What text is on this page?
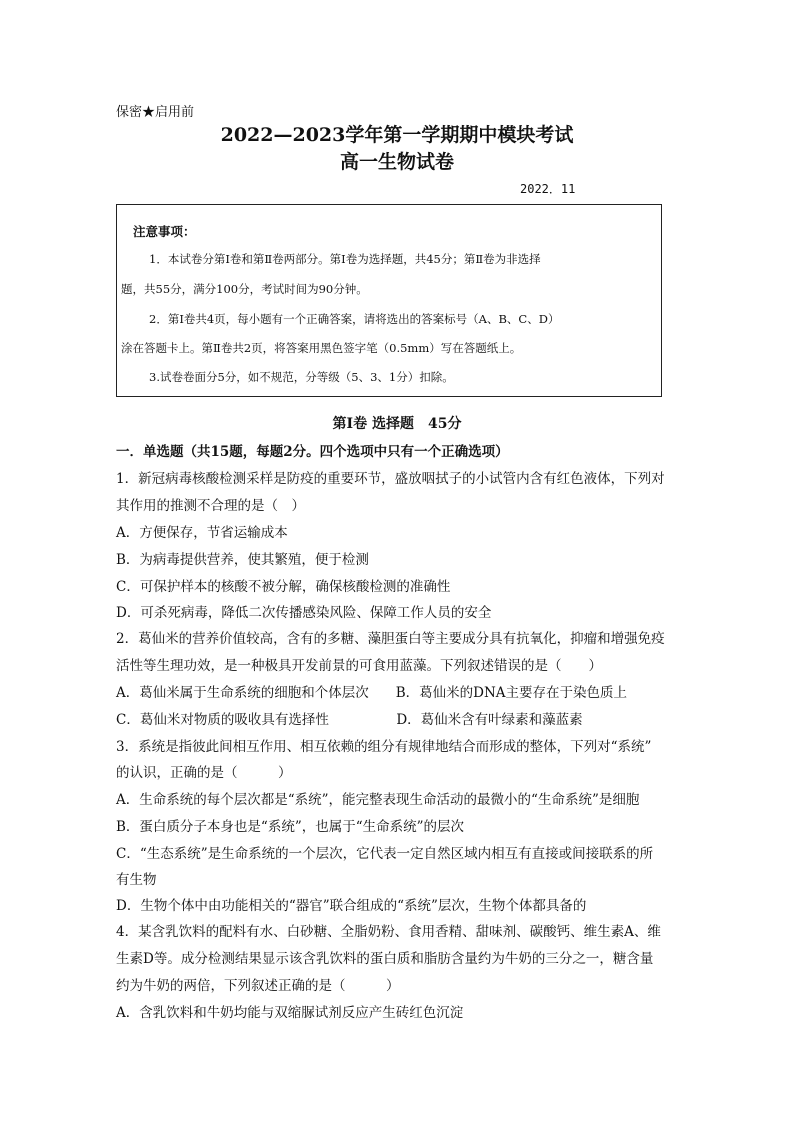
保密★启用前
2022—2023学年第一学期期中模块考试
高一生物试卷
2022．11
注意事项：
1．本试卷分第Ⅰ卷和第Ⅱ卷两部分。第Ⅰ卷为选择题，共45分；第Ⅱ卷为非选择
题，共55分，满分100分，考试时间为90分钟。
2．第Ⅰ卷共4页，每小题有一个正确答案，请将选出的答案标号（A、B、C、D）
涂在答题卡上。第Ⅱ卷共2页，将答案用黑色签字笔（0.5mm）写在答题纸上。
3.试卷卷面分5分，如不规范，分等级（5、3、1分）扣除。
第Ⅰ卷 选择题　45分
一．单选题（共15题，每题2分。四个选项中只有一个正确选项）
1．新冠病毒核酸检测采样是防疫的重要环节，盛放咽拭子的小试管内含有红色液体，下列对
其作用的推测不合理的是（　）
A．方便保存，节省运输成本
B．为病毒提供营养，使其繁殖，便于检测
C．可保护样本的核酸不被分解，确保核酸检测的准确性
D．可杀死病毒，降低二次传播感染风险、保障工作人员的安全
2．葛仙米的营养价值较高，含有的多糖、藻胆蛋白等主要成分具有抗氧化，抑瘤和增强免疫
活性等生理功效，是一种极具开发前景的可食用蓝藻。下列叙述错误的是（　　）
A．葛仙米属于生命系统的细胞和个体层次　　B．葛仙米的DNA主要存在于染色质上
C．葛仙米对物质的吸收具有选择性　　　　　D．葛仙米含有叶绿素和藻蓝素
3．系统是指彼此间相互作用、相互依赖的组分有规律地结合而形成的整体，下列对“系统”
的认识，正确的是（　　　）
A．生命系统的每个层次都是“系统”，能完整表现生命活动的最微小的“生命系统”是细胞
B．蛋白质分子本身也是“系统”，也属于“生命系统”的层次
C．“生态系统”是生命系统的一个层次，它代表一定自然区域内相互有直接或间接联系的所
有生物
D．生物个体中由功能相关的“器官”联合组成的“系统”层次，生物个体都具备的
4．某含乳饮料的配料有水、白砂糖、全脂奶粉、食用香精、甜味剂、碳酸钙、维生素A、维
生素D等。成分检测结果显示该含乳饮料的蛋白质和脂肪含量约为牛奶的三分之一，糖含量
约为牛奶的两倍，下列叙述正确的是（　　　）
A．含乳饮料和牛奶均能与双缩脲试剂反应产生砖红色沉淀
